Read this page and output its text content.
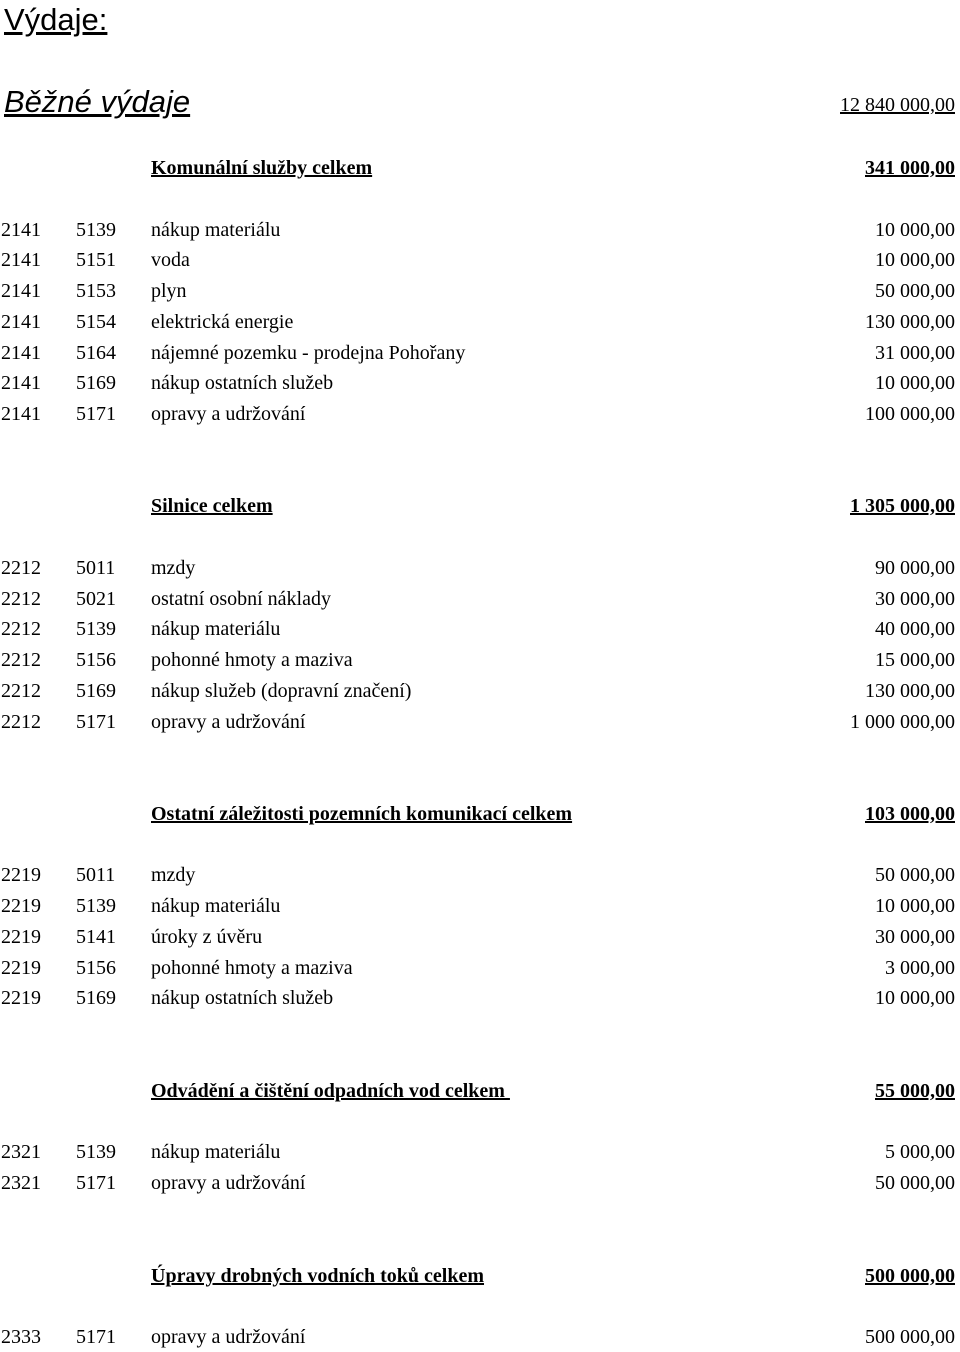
Výdaje:
Běžné výdaje	12 840 000,00
Komunální služby celkem	341 000,00
2141 5139 nákup materiálu	10 000,00
2141 5151 voda	10 000,00
2141 5153 plyn	50 000,00
2141 5154 elektrická energie	130 000,00
2141 5164 nájemné pozemku - prodejna Pohořany	31 000,00
2141 5169 nákup ostatních služeb	10 000,00
2141 5171 opravy a udržování	100 000,00
Silnice celkem	1 305 000,00
2212 5011 mzdy	90 000,00
2212 5021 ostatní osobní náklady	30 000,00
2212 5139 nákup materiálu	40 000,00
2212 5156 pohonné hmoty a maziva	15 000,00
2212 5169 nákup služeb (dopravní značení)	130 000,00
2212 5171 opravy a udržování	1 000 000,00
Ostatní záležitosti pozemních komunikací celkem	103 000,00
2219 5011 mzdy	50 000,00
2219 5139 nákup materiálu	10 000,00
2219 5141 úroky z úvěru	30 000,00
2219 5156 pohonné hmoty a maziva	3 000,00
2219 5169 nákup ostatních služeb	10 000,00
Odvádění a čištění odpadních vod celkem	55 000,00
2321 5139 nákup materiálu	5 000,00
2321 5171 opravy a udržování	50 000,00
Úpravy drobných vodních toků celkem	500 000,00
2333 5171 opravy a udržování	500 000,00
